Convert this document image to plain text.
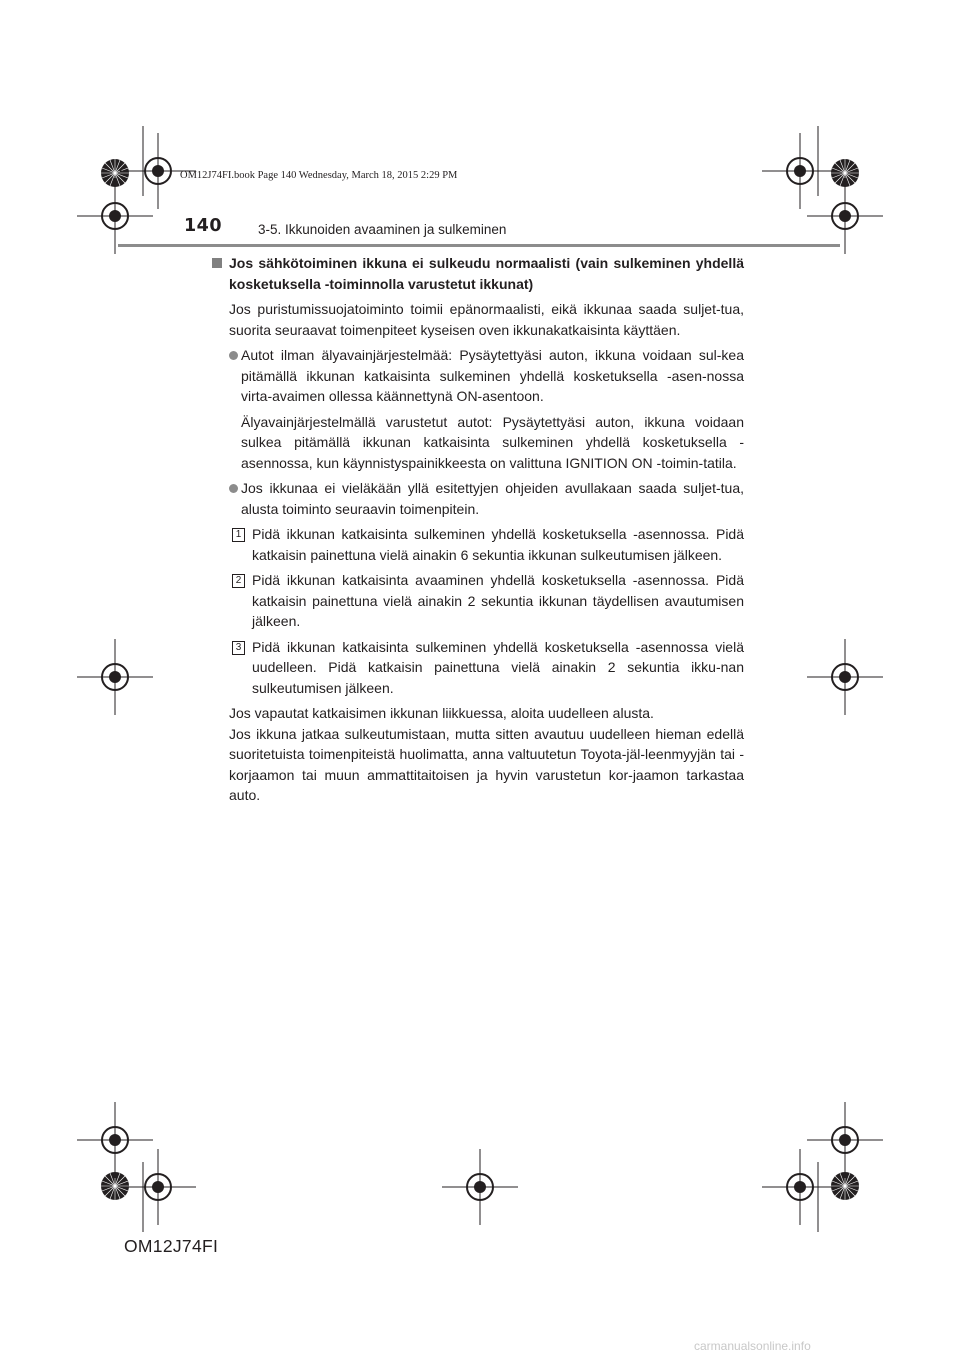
OM12J74FI.book Page 140 Wednesday, March 18, 2015 2:29 PM
140	3-5. Ikkunoiden avaaminen ja sulkeminen

Jos sähkötoiminen ikkuna ei sulkeudu normaalisti (vain sulkeminen yhdellä kosketuksella -toiminnolla varustetut ikkunat)

Jos puristumissuojatoiminto toimii epänormaalisti, eikä ikkunaa saada suljet-tua, suorita seuraavat toimenpiteet kyseisen oven ikkunakatkaisinta käyttäen.

Autot ilman älyavainjärjestelmää: Pysäytettyäsi auton, ikkuna voidaan sul-kea pitämällä ikkunan katkaisinta sulkeminen yhdellä kosketuksella -asen-nossa virta-avaimen ollessa käännettynä ON-asentoon.

Älyavainjärjestelmällä varustetut autot: Pysäytettyäsi auton, ikkuna voidaan sulkea pitämällä ikkunan katkaisinta sulkeminen yhdellä kosketuksella -asennossa, kun käynnistyspainikkeesta on valittuna IGNITION ON -toimin-tatila.

Jos ikkunaa ei vieläkään yllä esitettyjen ohjeiden avullakaan saada suljet-tua, alusta toiminto seuraavin toimenpitein.

1 Pidä ikkunan katkaisinta sulkeminen yhdellä kosketuksella -asennossa. Pidä katkaisin painettuna vielä ainakin 6 sekuntia ikkunan sulkeutumisen jälkeen.

2 Pidä ikkunan katkaisinta avaaminen yhdellä kosketuksella -asennossa. Pidä katkaisin painettuna vielä ainakin 2 sekuntia ikkunan täydellisen avautumisen jälkeen.

3 Pidä ikkunan katkaisinta sulkeminen yhdellä kosketuksella -asennossa vielä uudelleen. Pidä katkaisin painettuna vielä ainakin 2 sekuntia ikku-nan sulkeutumisen jälkeen.

Jos vapautat katkaisimen ikkunan liikkuessa, aloita uudelleen alusta.

Jos ikkuna jatkaa sulkeutumistaan, mutta sitten avautuu uudelleen hieman edellä suoritetuista toimenpiteistä huolimatta, anna valtuutetun Toyota-jäl-leenmyyjän tai -korjaamon tai muun ammattitaitoisen ja hyvin varustetun kor-jaamon tarkastaa auto.

OM12J74FI
carmanualsonline.info
